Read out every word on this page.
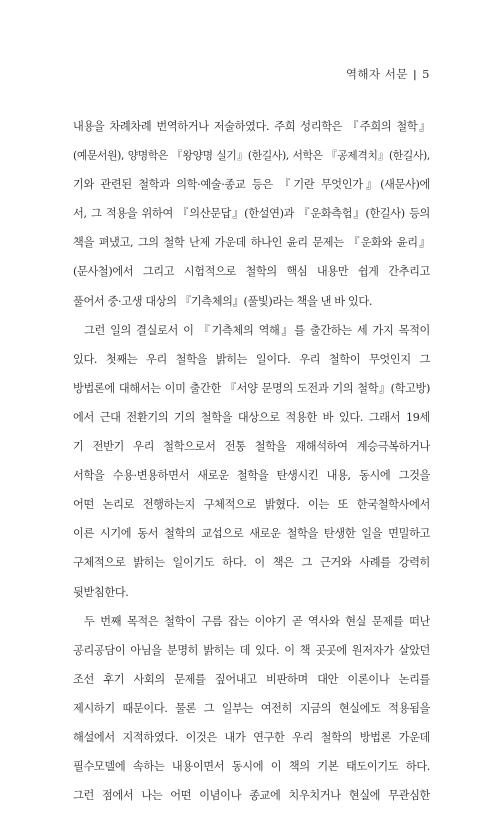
역해자 서문 | 5
내용을 차례차례 번역하거나 저술하였다. 주희 성리학은 『주희의 철학』
(예문서원), 양명학은 『왕양명 실기』(한길사), 서학은 『공제격치』(한길사),
기와 관련된 철학과 의학·예술·종교 등은 『기란 무엇인가』(새문사)에
서, 그 적용을 위하여 『의산문답』(한설연)과 『운화측험』(한길사) 등의
책을 펴냈고, 그의 철학 난제 가운데 하나인 윤리 문제는 『운화와 윤리』
(문사철)에서 그리고 시험적으로 철학의 핵심 내용만 쉽게 간추리고
풀어서 중·고생 대상의 『기측체의』(풀빛)라는 책을 낸 바 있다.
그런 일의 결실로서 이 『기측체의 역해』를 출간하는 세 가지 목적이
있다. 첫째는 우리 철학을 밝히는 일이다. 우리 철학이 무엇인지 그
방법론에 대해서는 이미 출간한 『서양 문명의 도전과 기의 철학』(학고방)
에서 근대 전환기의 기의 철학을 대상으로 적용한 바 있다. 그래서 19세
기 전반기 우리 철학으로서 전통 철학을 재해석하여 계승극복하거나
서학을 수용·변용하면서 새로운 철학을 탄생시킨 내용, 동시에 그것을
어떤 논리로 전행하는지 구체적으로 밝혔다. 이는 또 한국철학사에서
이른 시기에 동서 철학의 교섭으로 새로운 철학을 탄생한 일을 면밀하고
구체적으로 밝히는 일이기도 하다. 이 책은 그 근거와 사례를 강력히
뒷받침한다.
두 번째 목적은 철학이 구름 잡는 이야기 곧 역사와 현실 문제를 떠난
공리공담이 아님을 분명히 밝히는 데 있다. 이 책 곳곳에 원저자가 살았던
조선 후기 사회의 문제를 짚어내고 비판하며 대안 이론이나 논리를
제시하기 때문이다. 물론 그 일부는 여전히 지금의 현실에도 적용됨을
해설에서 지적하였다. 이것은 내가 연구한 우리 철학의 방법론 가운데
필수모델에 속하는 내용이면서 동시에 이 책의 기본 태도이기도 하다.
그런 점에서 나는 어떤 이념이나 종교에 치우치거나 현실에 무관심한
